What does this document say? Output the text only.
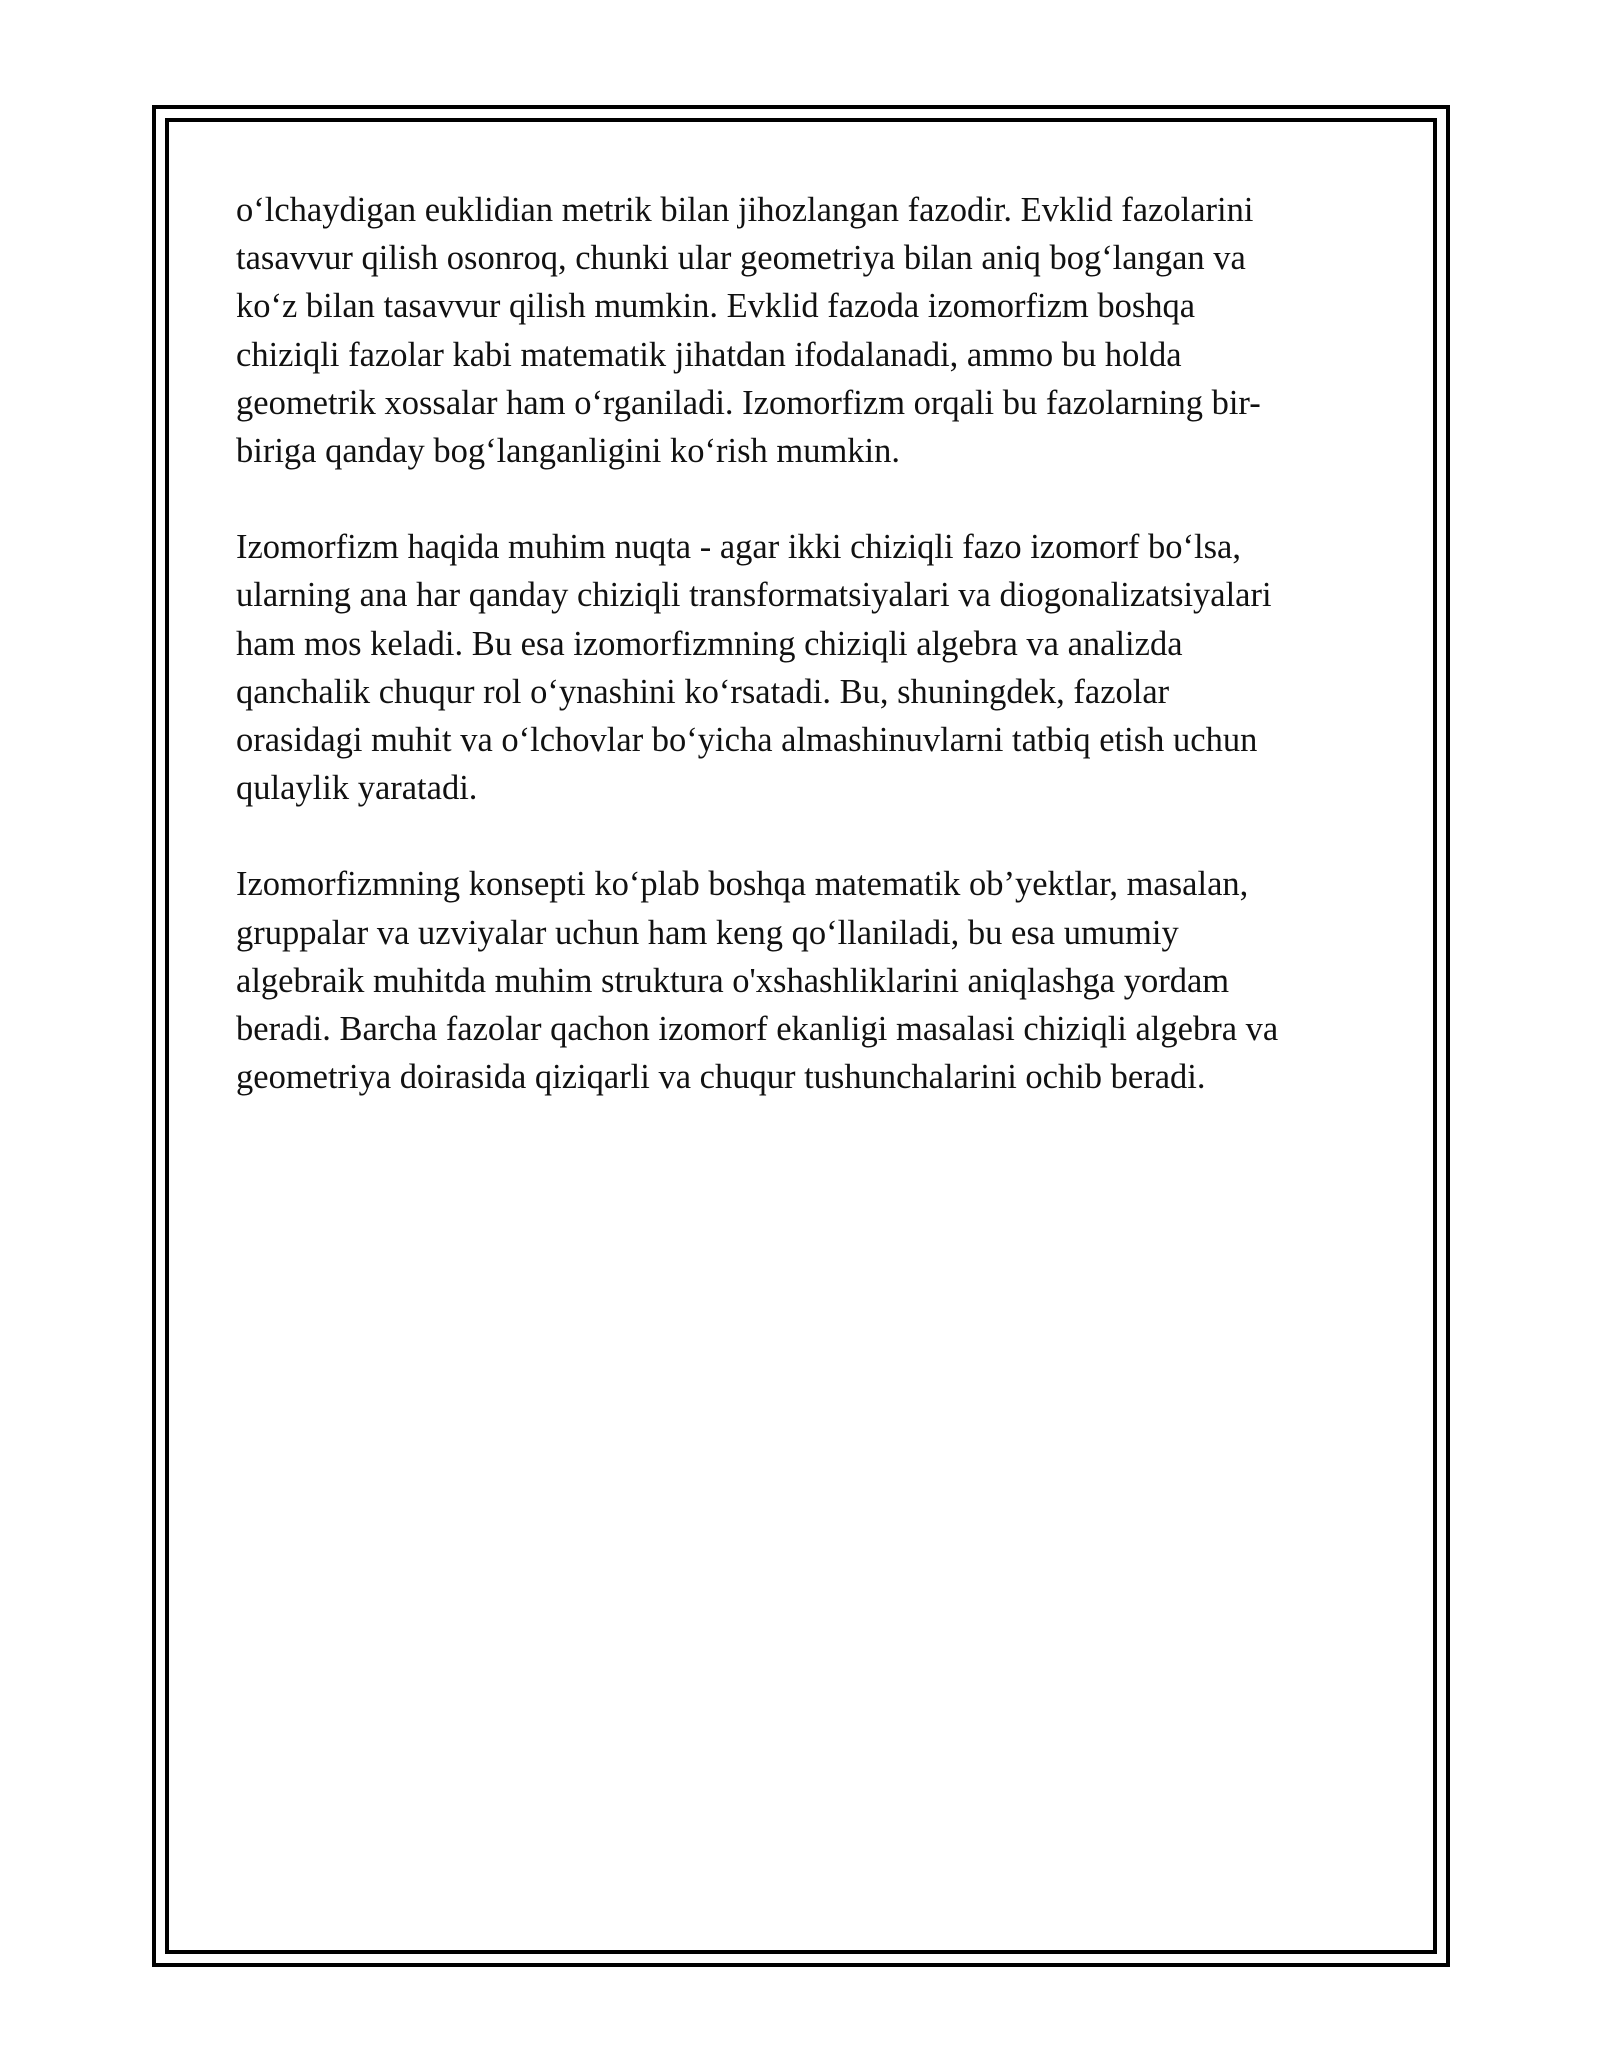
o‘lchaydigan euklidian metrik bilan jihozlangan fazodir. Evklid fazolarini
tasavvur qilish osonroq, chunki ular geometriya bilan aniq bog‘langan va
ko‘z bilan tasavvur qilish mumkin. Evklid fazoda izomorfizm boshqa
chiziqli fazolar kabi matematik jihatdan ifodalanadi, ammo bu holda
geometrik xossalar ham o‘rganiladi. Izomorfizm orqali bu fazolarning bir-
biriga qanday bog‘langanligini ko‘rish mumkin.

Izomorfizm haqida muhim nuqta - agar ikki chiziqli fazo izomorf bo‘lsa,
ularning ana har qanday chiziqli transformatsiyalari va diogonalizatsiyalari
ham mos keladi. Bu esa izomorfizmning chiziqli algebra va analizda
qanchalik chuqur rol o‘ynashini ko‘rsatadi. Bu, shuningdek, fazolar
orasidagi muhit va o‘lchovlar bo‘yicha almashinuvlarni tatbiq etish uchun
qulaylik yaratadi.

Izomorfizmning konsepti ko‘plab boshqa matematik ob’yektlar, masalan,
gruppalar va uzviyalar uchun ham keng qo‘llaniladi, bu esa umumiy
algebraik muhitda muhim struktura o'xshashliklarini aniqlashga yordam
beradi. Barcha fazolar qachon izomorf ekanligi masalasi chiziqli algebra va
geometriya doirasida qiziqarli va chuqur tushunchalarini ochib beradi.
